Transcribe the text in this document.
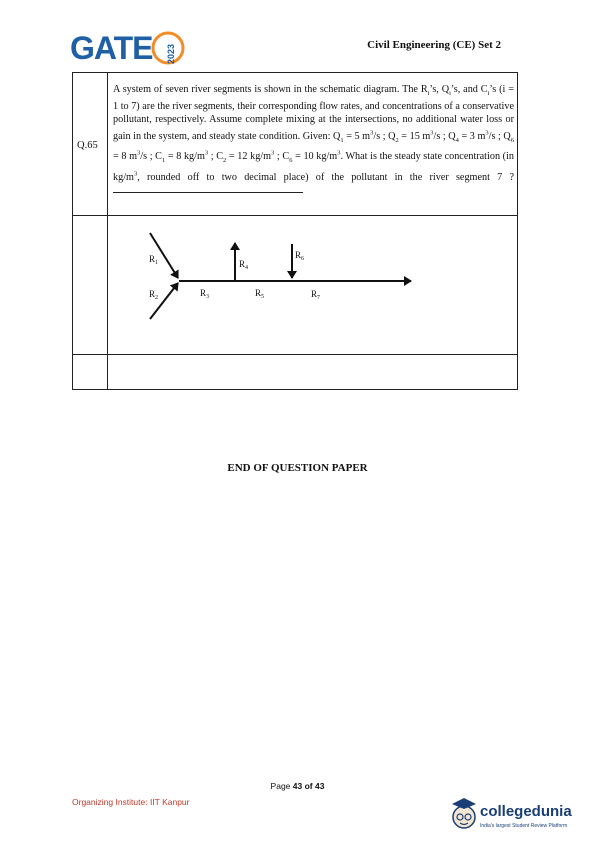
GATE 2023	Civil Engineering (CE) Set 2
Q.65
A system of seven river segments is shown in the schematic diagram. The $R_i’s$, $Q_i’s$, and $C_i’s$ (i = 1 to 7) are the river segments, their corresponding flow rates, and concentrations of a conservative pollutant, respectively. Assume complete mixing at the intersections, no additional water loss or gain in the system, and steady state condition. Given: $Q_1 = 5$ $m^3/s$ ; $Q_2 = 15$ $m^3/s$ ; $Q_4 = 3$ $m^3/s$ ; $Q_6 = 8$ $m^3/s$ ; $C_1 = 8$ $kg/m^3$ ; $C_2 = 12$ $kg/m^3$ ; $C_6 = 10$ $kg/m^3$. What is the steady state concentration (in $kg/m^3$, rounded off to two decimal place) of the pollutant in the river segment 7 ?
$R_1$
$R_2$	$R_3$
$R_4$
$R_5$
$R_6$
$R_7$
END OF QUESTION PAPER
Page 43 of 43
Organizing Institute: IIT Kanpur
collegedunia
India's largest Student Review Platform
